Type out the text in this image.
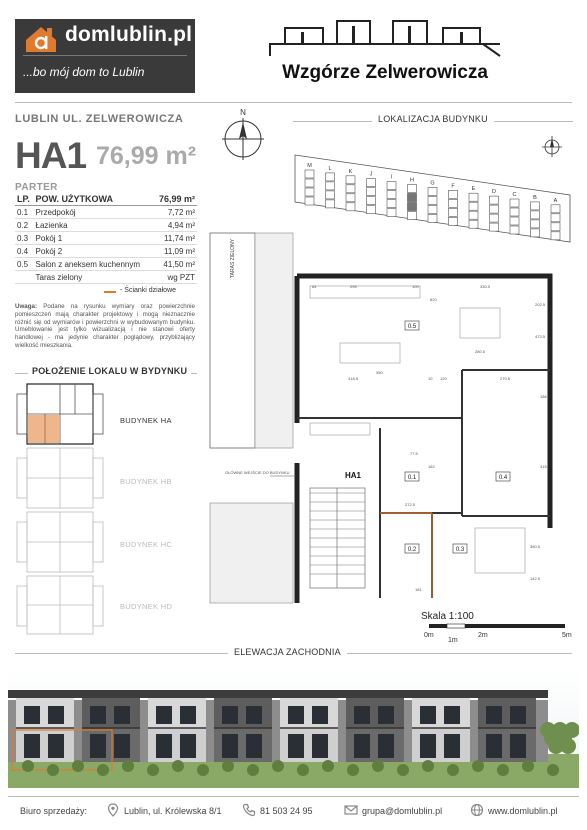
domlublin.pl
...bo mój dom to Lublin	Wzgórze Zelwerowicza
LUBLIN UL. ZELWEROWICZA
HA1 76,99 m²
PARTER
LP.	POW. UŻYTKOWA	76,99 m²
0.1	Przedpokój	7,72 m²
0.2	Łazienka	4,94 m²
0.3	Pokój 1	11,74 m²
0.4	Pokój 2	11,09 m²
0.5	Salon z aneksem kuchennym	41,50 m²
	Taras zielony	wg PZT
- Ścianki działowe
Uwaga: Podane na rysunku wymiary oraz powierzchnie pomieszczeń mają charakter projektowy i mogą nieznacznie różnić się od wymiarów i powierzchni w wybudowanym budynku. Umeblowanie jest tylko wizualizacją i nie stanowi oferty handlowej - ma jedynie charakter poglądowy, przybliżający wielkość mieszkania.
POŁOŻENIE LOKALU W BYDYNKU
BUDYNEK HA
BUDYNEK HB
BUDYNEK HC
BUDYNEK HD
N
LOKALIZACJA BUDYNKU
M	L	K	J	I	H	G	F	E	D	C	B	A
TARAS ZIELONY
0.5
0.4
0.1
0.2	0.3
HA1
GŁÓWNE WEJŚCIE DO BUDYNKU
64	295	100	330.5
820
280.5
418.5	10 120	270.5
77.5
272.5
181
350
202.5
473.5
380.5
142.5
162	415
186
Skala 1:100
0m
1m
2m	5m
ELEWACJA ZACHODNIA
Biuro sprzedaży:	Lublin, ul. Królewska 8/1	81 503 24 95	grupa@domlublin.pl	www.domlublin.pl
